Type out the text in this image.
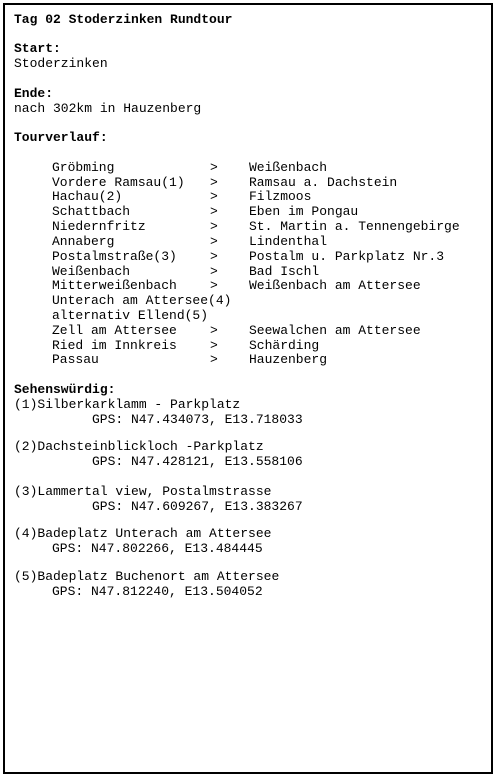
Tag 02 Stoderzinken Rundtour
Start:
Stoderzinken
Ende:
nach 302km in Hauzenberg
Tourverlauf:
Gröbming	> Weißenbach
Vordere Ramsau(1) > Ramsau a. Dachstein
Hachau(2)	> Filzmoos
Schattbach	> Eben im Pongau
Niedernfritz	> St. Martin a. Tennengebirge
Annaberg	> Lindenthal
Postalmstraße(3)	> Postalm u. Parkplatz Nr.3
Weißenbach	> Bad Ischl
Mitterweißenbach	> Weißenbach am Attersee
Unterach am Attersee(4)
alternativ Ellend(5)
Zell am Attersee	> Seewalchen am Attersee
Ried im Innkreis	> Schärding
Passau	> Hauzenberg
Sehenswürdig:
(1)Silberkarklamm - Parkplatz
GPS: N47.434073, E13.718033
(2)Dachsteinblickloch -Parkplatz
GPS: N47.428121, E13.558106
(3)Lammertal view, Postalmstrasse
GPS: N47.609267, E13.383267
(4)Badeplatz Unterach am Attersee
GPS: N47.802266, E13.484445
(5)Badeplatz Buchenort am Attersee
GPS: N47.812240, E13.504052
